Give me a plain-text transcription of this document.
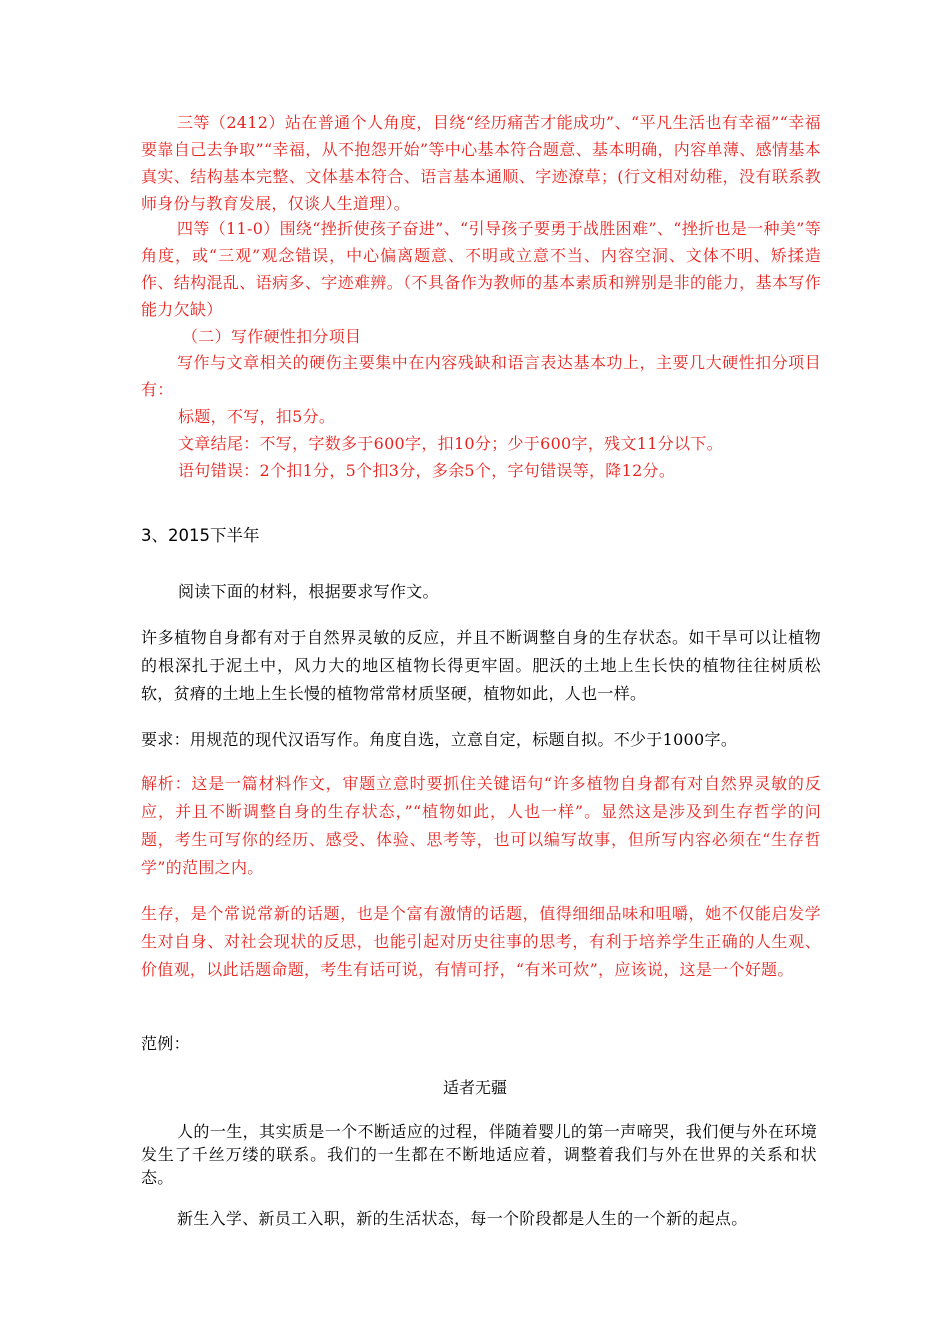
三等（2412）站在普通个人角度，目绕“经历痛苦才能成功”、“平凡生活也有幸福”“幸福要靠自己去争取”“幸福，从不抱怨开始”等中心基本符合题意、基本明确，内容单薄、感情基本真实、结构基本完整、文体基本符合、语言基本通顺、字迹潦草；(行文相对幼稚，没有联系教师身份与教育发展，仅谈人生道理）。

四等（11-0）围绕“挫折使孩子奋进”、“引导孩子要勇于战胜困难”、“挫折也是一种美”等角度，或“三观”观念错误，中心偏离题意、不明或立意不当、内容空洞、文体不明、矫揉造作、结构混乱、语病多、字迹难辨。（不具备作为教师的基本素质和辨别是非的能力，基本写作能力欠缺）

（二）写作硬性扣分项目

写作与文章相关的硬伤主要集中在内容残缺和语言表达基本功上，主要几大硬性扣分项目有：

标题，不写，扣5分。

文章结尾：不写，字数多于600字，扣10分；少于600字，残文11分以下。

语句错误：2个扣1分，5个扣3分，多余5个，字句错误等，降12分。

3、2015下半年

阅读下面的材料，根据要求写作文。

许多植物自身都有对于自然界灵敏的反应，并且不断调整自身的生存状态。如干旱可以让植物的根深扎于泥土中，风力大的地区植物长得更牢固。肥沃的土地上生长快的植物往往树质松软，贫瘠的土地上生长慢的植物常常材质坚硬，植物如此，人也一样。

要求：用规范的现代汉语写作。角度自选，立意自定，标题自拟。不少于1000字。

解析：这是一篇材料作文，审题立意时要抓住关键语句“许多植物自身都有对自然界灵敏的反应，并且不断调整自身的生存状态，”“植物如此，人也一样”。显然这是涉及到生存哲学的问题，考生可写你的经历、感受、体验、思考等，也可以编写故事，但所写内容必须在“生存哲学”的范围之内。

生存，是个常说常新的话题，也是个富有激情的话题，值得细细品味和咀嚼，她不仅能启发学生对自身、对社会现状的反思，也能引起对历史往事的思考，有利于培养学生正确的人生观、价值观，以此话题命题，考生有话可说，有情可抒，“有米可炊”，应该说，这是一个好题。

范例：

适者无疆

人的一生，其实质是一个不断适应的过程，伴随着婴儿的第一声啼哭，我们便与外在环境发生了千丝万缕的联系。我们的一生都在不断地适应着，调整着我们与外在世界的关系和状态。

新生入学、新员工入职，新的生活状态，每一个阶段都是人生的一个新的起点。
